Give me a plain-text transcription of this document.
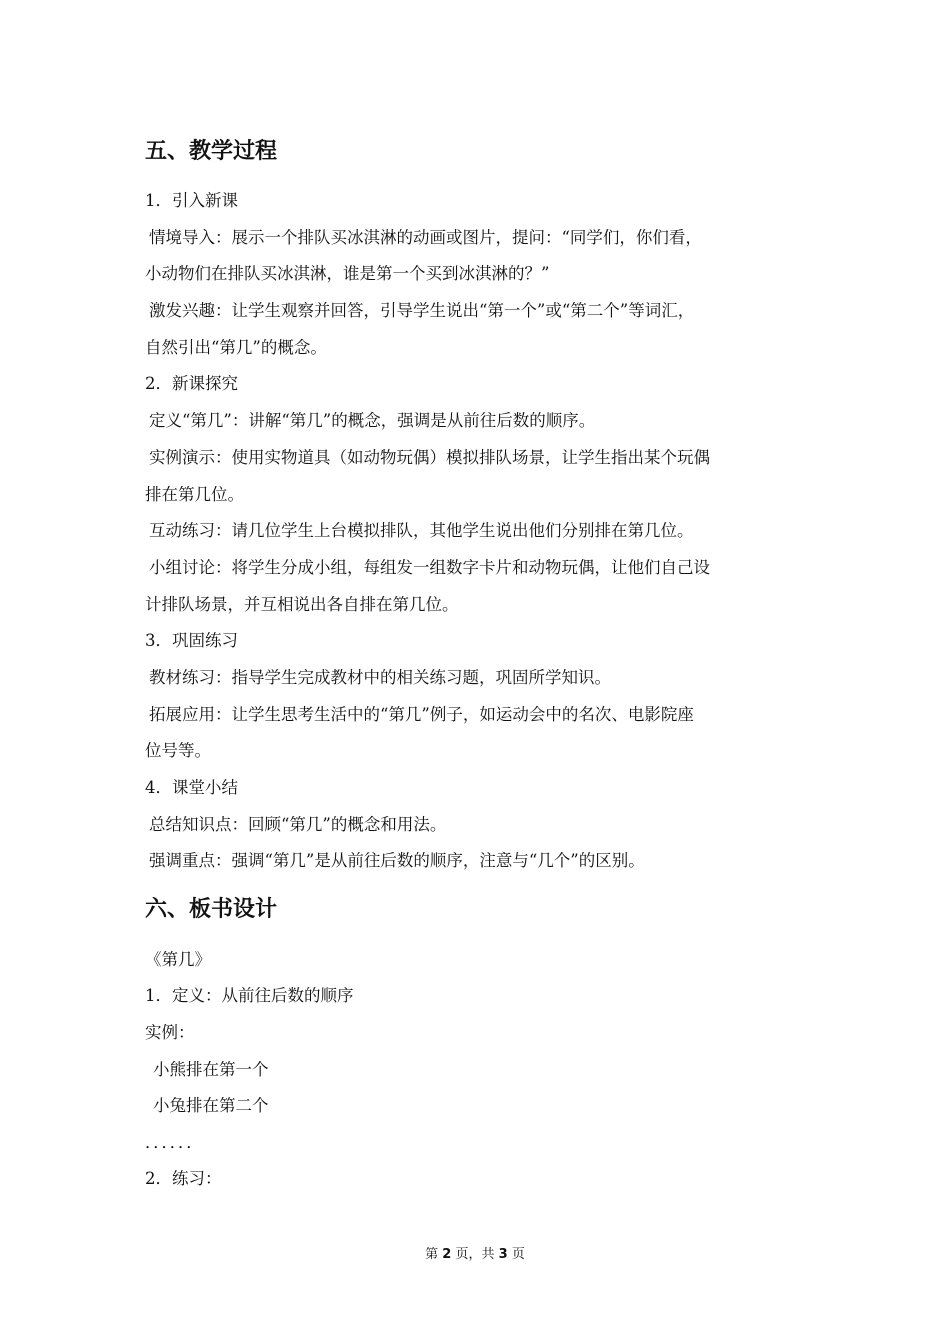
五、教学过程
1．引入新课
情境导入：展示一个排队买冰淇淋的动画或图片，提问：“同学们，你们看，
小动物们在排队买冰淇淋，谁是第一个买到冰淇淋的？”
激发兴趣：让学生观察并回答，引导学生说出“第一个”或“第二个”等词汇，
自然引出“第几”的概念。
2．新课探究
定义“第几”：讲解“第几”的概念，强调是从前往后数的顺序。
实例演示：使用实物道具（如动物玩偶）模拟排队场景，让学生指出某个玩偶
排在第几位。
互动练习：请几位学生上台模拟排队，其他学生说出他们分别排在第几位。
小组讨论：将学生分成小组，每组发一组数字卡片和动物玩偶，让他们自己设
计排队场景，并互相说出各自排在第几位。
3．巩固练习
教材练习：指导学生完成教材中的相关练习题，巩固所学知识。
拓展应用：让学生思考生活中的“第几”例子，如运动会中的名次、电影院座
位号等。
4．课堂小结
总结知识点：回顾“第几”的概念和用法。
强调重点：强调“第几”是从前往后数的顺序，注意与“几个”的区别。
六、板书设计
《第几》
1．定义：从前往后数的顺序
实例：
小熊排在第一个
小兔排在第二个
．．．．．．
2．练习：
第 2 页，共 3 页
